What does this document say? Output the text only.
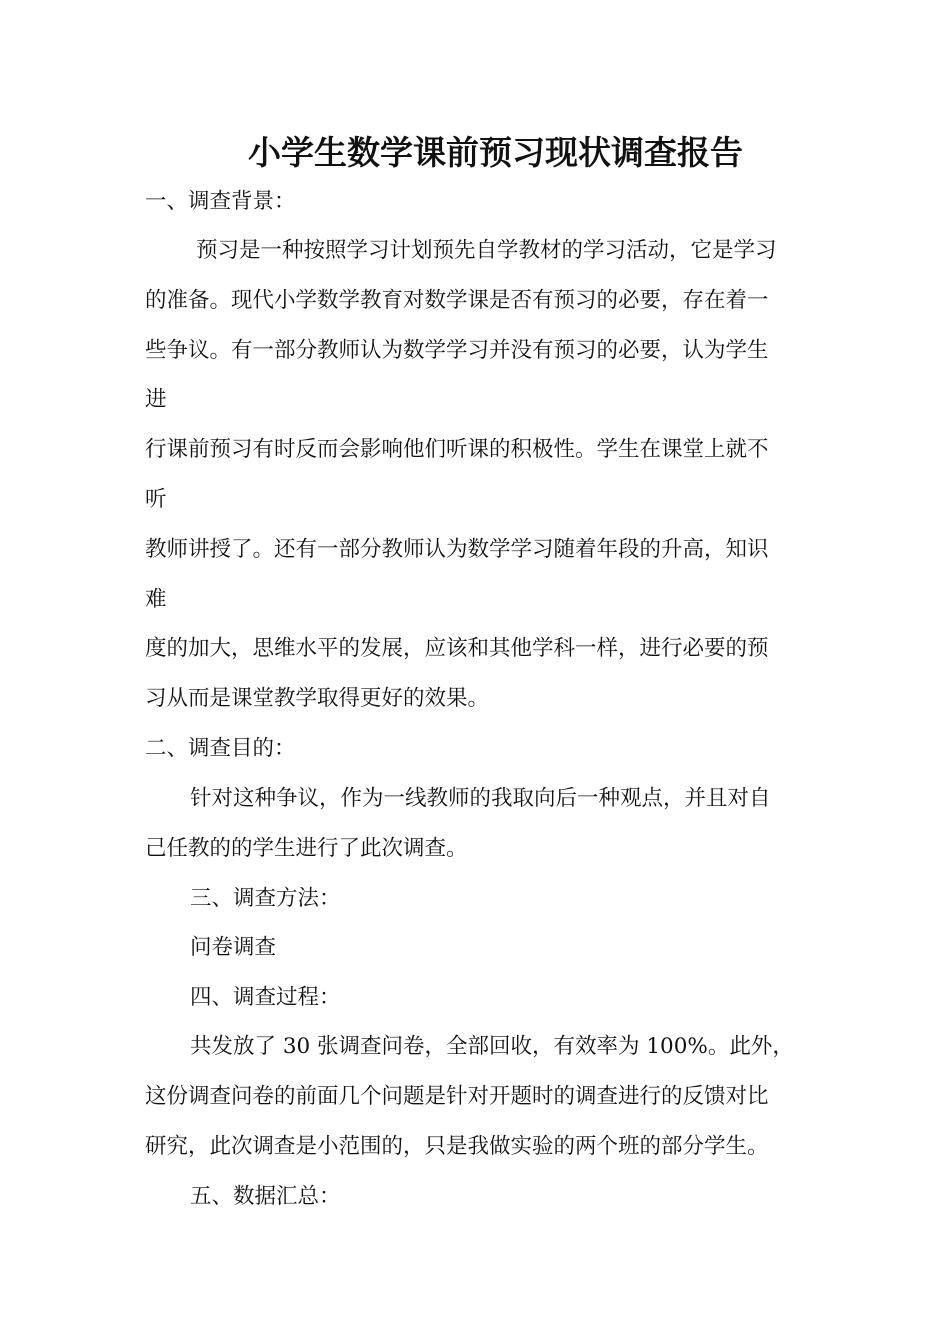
小学生数学课前预习现状调查报告
一、调查背景：
预习是一种按照学习计划预先自学教材的学习活动，它是学习
的准备。现代小学数学教育对数学课是否有预习的必要，存在着一
些争议。有一部分教师认为数学学习并没有预习的必要，认为学生
进
行课前预习有时反而会影响他们听课的积极性。学生在课堂上就不
听
教师讲授了。还有一部分教师认为数学学习随着年段的升高，知识
难
度的加大，思维水平的发展，应该和其他学科一样，进行必要的预
习从而是课堂教学取得更好的效果。
二、调查目的：
针对这种争议，作为一线教师的我取向后一种观点，并且对自
己任教的的学生进行了此次调查。
三、调查方法：
问卷调查
四、调查过程：
共发放了 30 张调查问卷，全部回收，有效率为 100%。此外，
这份调查问卷的前面几个问题是针对开题时的调查进行的反馈对比
研究，此次调查是小范围的，只是我做实验的两个班的部分学生。
五、数据汇总：
